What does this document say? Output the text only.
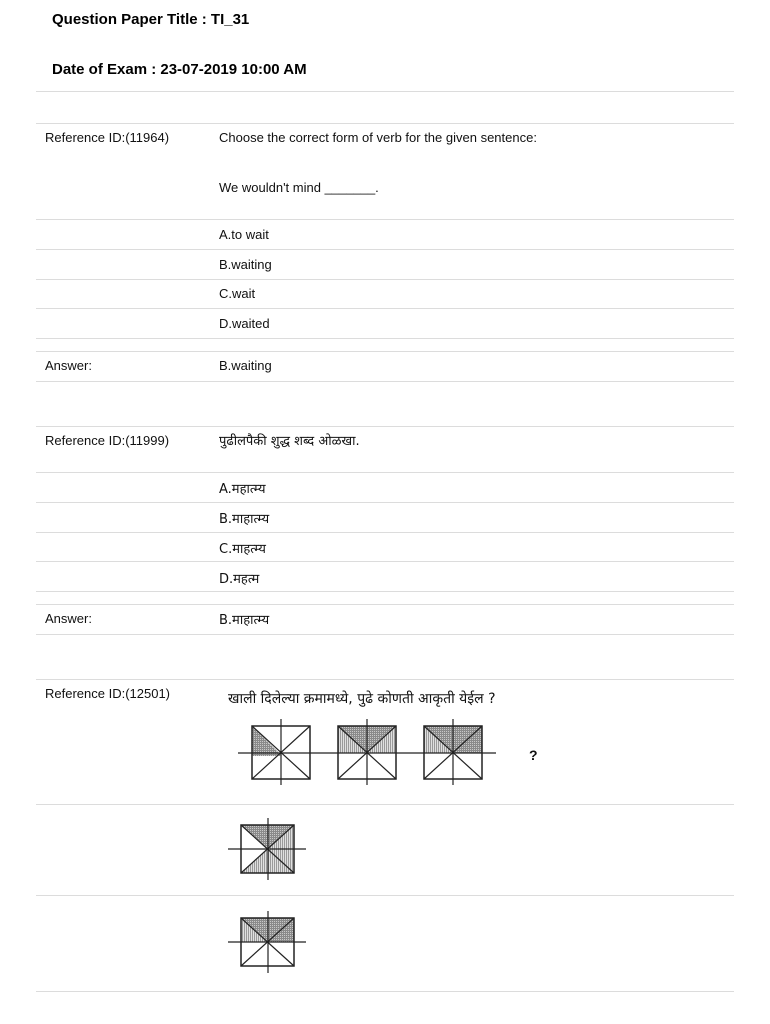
Question Paper Title : TI_31
Date of Exam : 23-07-2019 10:00 AM
Reference ID:(11964)	Choose the correct form of verb for the given sentence:
We wouldn't mind _______.
A.to wait
B.waiting
C.wait
D.waited
Answer:	B.waiting
Reference ID:(11999)	पुढीलपैकी शुद्ध शब्द ओळखा.
A.महात्म्य
B.माहात्म्य
C.माहत्म्य
D.महत्म
Answer:	B.माहात्म्य
Reference ID:(12501)	खाली दिलेल्या क्रमामध्ये, पुढे कोणती आकृती येईल ?
?
